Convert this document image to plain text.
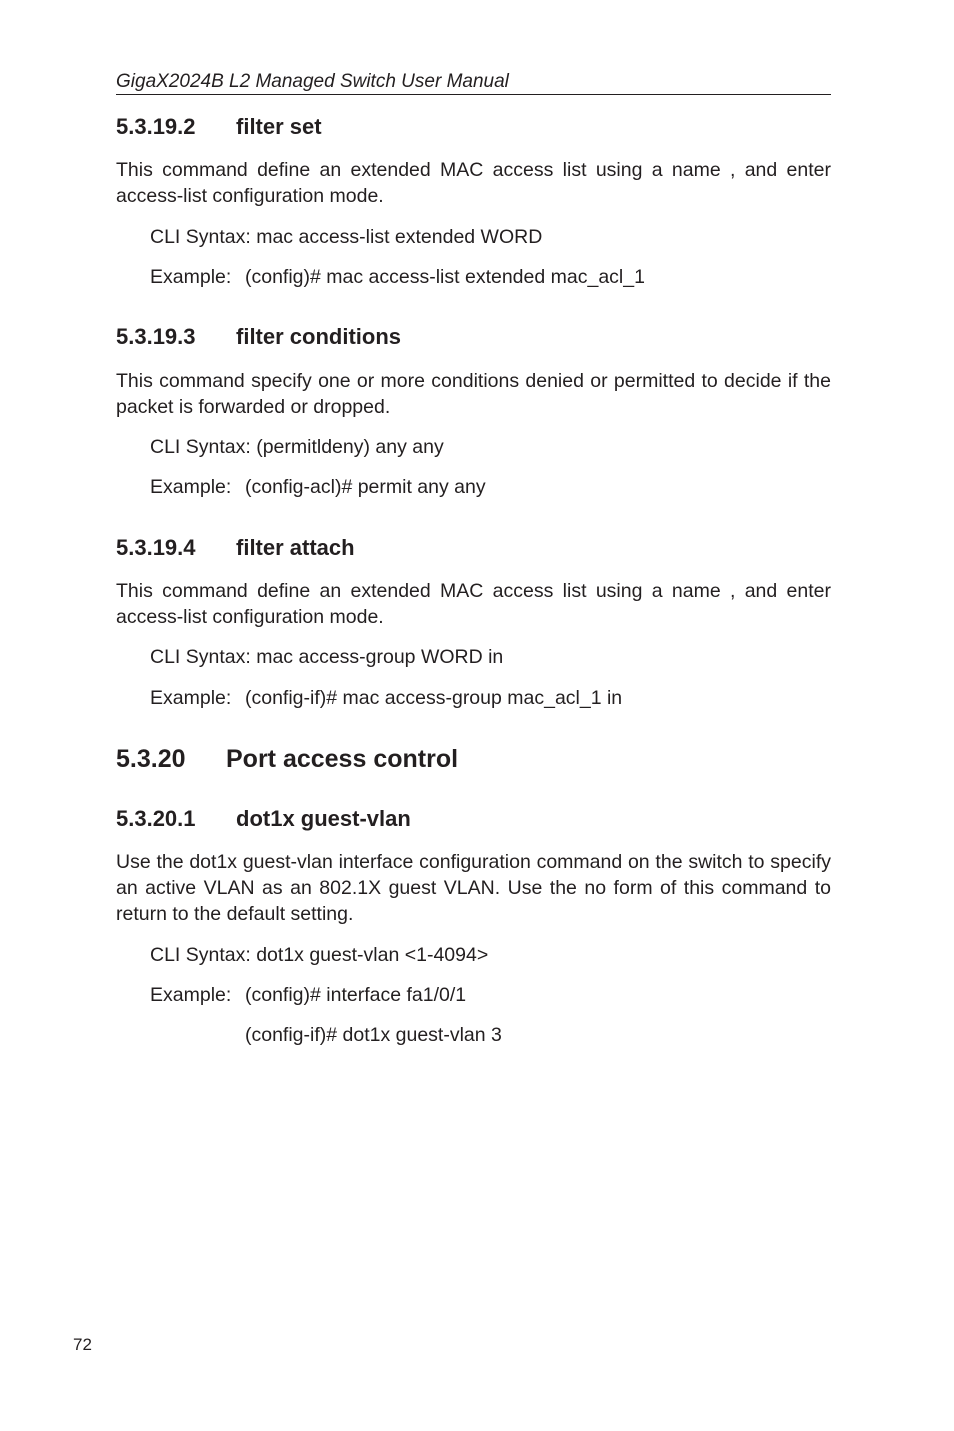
GigaX2024B L2 Managed Switch User Manual
5.3.19.2 filter set
This command define an extended MAC access list using a name , and enter access-list configuration mode.
CLI Syntax: mac access-list extended WORD
Example: (config)# mac access-list extended mac_acl_1
5.3.19.3 filter conditions
This command specify one or more conditions denied or permitted to decide if the packet is forwarded or dropped.
CLI Syntax: (permitldeny) any any
Example: (config-acl)# permit any any
5.3.19.4 filter attach
This command define an extended MAC access list using a name , and enter access-list configuration mode.
CLI Syntax: mac access-group WORD in
Example: (config-if)# mac access-group mac_acl_1 in
5.3.20 Port access control
5.3.20.1 dot1x guest-vlan
Use the dot1x guest-vlan interface configuration command on the switch to specify an active VLAN as an 802.1X guest VLAN. Use the no form of this command to return to the default setting.
CLI Syntax: dot1x guest-vlan <1-4094>
Example: (config)# interface fa1/0/1
(config-if)# dot1x guest-vlan 3
72
